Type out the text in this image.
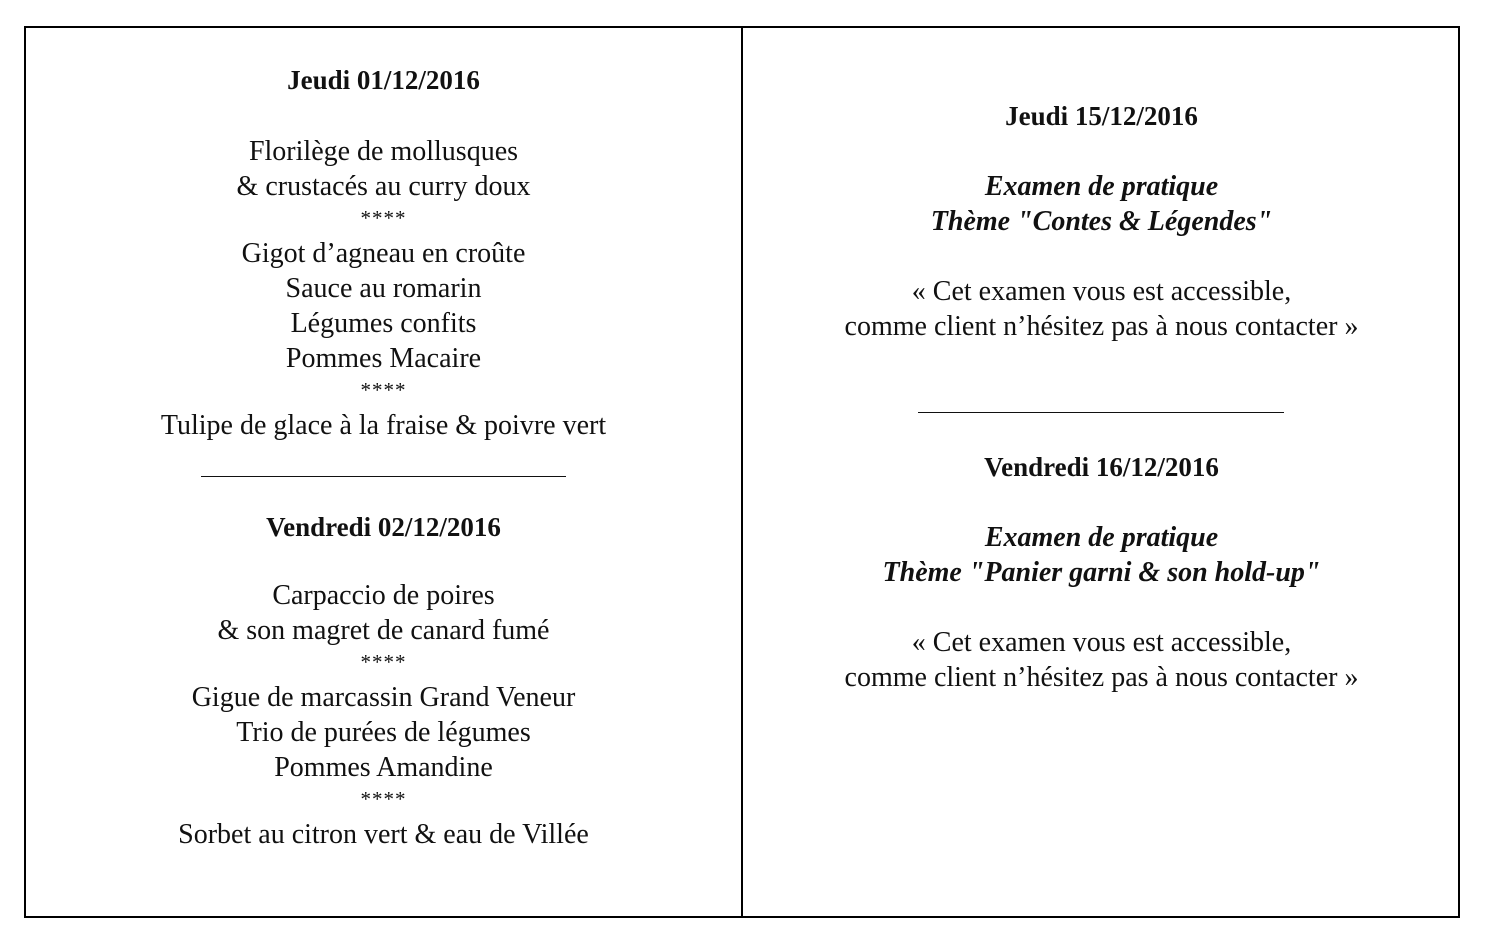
Jeudi 01/12/2016
Florilège de mollusques
& crustacés au curry doux
****
Gigot d’agneau en croûte
Sauce au romarin
Légumes confits
Pommes Macaire
****
Tulipe de glace à la fraise & poivre vert
Vendredi 02/12/2016
Carpaccio de poires
& son magret de canard fumé
****
Gigue de marcassin Grand Veneur
Trio de purées de légumes
Pommes Amandine
****
Sorbet au citron vert & eau de Villée
Jeudi 15/12/2016
Examen de pratique
Thème "Contes & Légendes"
« Cet examen vous est accessible,
comme client n’hésitez pas à nous contacter »
Vendredi 16/12/2016
Examen de pratique
Thème "Panier garni & son hold-up"
« Cet examen vous est accessible,
comme client n’hésitez pas à nous contacter »
